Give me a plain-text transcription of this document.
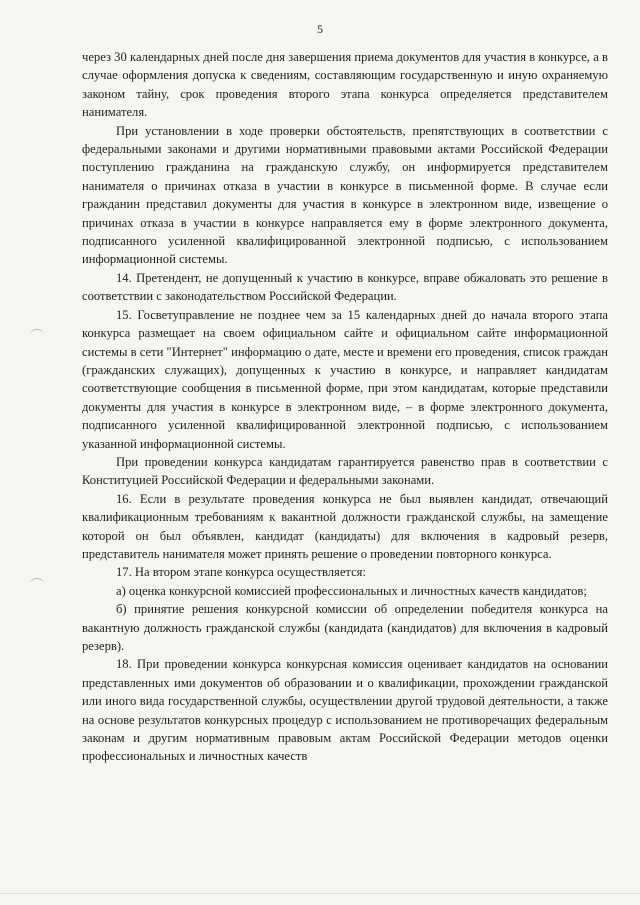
5

через 30 календарных дней после дня завершения приема документов для участия в конкурсе, а в случае оформления допуска к сведениям, составляющим государственную и иную охраняемую законом тайну, срок проведения второго этапа конкурса определяется представителем нанимателя.

При установлении в ходе проверки обстоятельств, препятствующих в соответствии с федеральными законами и другими нормативными правовыми актами Российской Федерации поступлению гражданина на гражданскую службу, он информируется представителем нанимателя о причинах отказа в участии в конкурсе в письменной форме. В случае если гражданин представил документы для участия в конкурсе в электронном виде, извещение о причинах отказа в участии в конкурсе направляется ему в форме электронного документа, подписанного усиленной квалифицированной электронной подписью, с использованием информационной системы.

14. Претендент, не допущенный к участию в конкурсе, вправе обжаловать это решение в соответствии с законодательством Российской Федерации.

15. Госветуправление не позднее чем за 15 календарных дней до начала второго этапа конкурса размещает на своем официальном сайте и официальном сайте информационной системы в сети "Интернет" информацию о дате, месте и времени его проведения, список граждан (гражданских служащих), допущенных к участию в конкурсе, и направляет кандидатам соответствующие сообщения в письменной форме, при этом кандидатам, которые представили документы для участия в конкурсе в электронном виде, – в форме электронного документа, подписанного усиленной квалифицированной электронной подписью, с использованием указанной информационной системы.

При проведении конкурса кандидатам гарантируется равенство прав в соответствии с Конституцией Российской Федерации и федеральными законами.

16. Если в результате проведения конкурса не был выявлен кандидат, отвечающий квалификационным требованиям к вакантной должности гражданской службы, на замещение которой он был объявлен, кандидат (кандидаты) для включения в кадровый резерв, представитель нанимателя может принять решение о проведении повторного конкурса.

17. На втором этапе конкурса осуществляется:

а) оценка конкурсной комиссией профессиональных и личностных качеств кандидатов;

б) принятие решения конкурсной комиссии об определении победителя конкурса на вакантную должность гражданской службы (кандидата (кандидатов) для включения в кадровый резерв).

18. При проведении конкурса конкурсная комиссия оценивает кандидатов на основании представленных ими документов об образовании и о квалификации, прохождении гражданской или иного вида государственной службы, осуществлении другой трудовой деятельности, а также на основе результатов конкурсных процедур с использованием не противоречащих федеральным законам и другим нормативным правовым актам Российской Федерации методов оценки профессиональных и личностных качеств
